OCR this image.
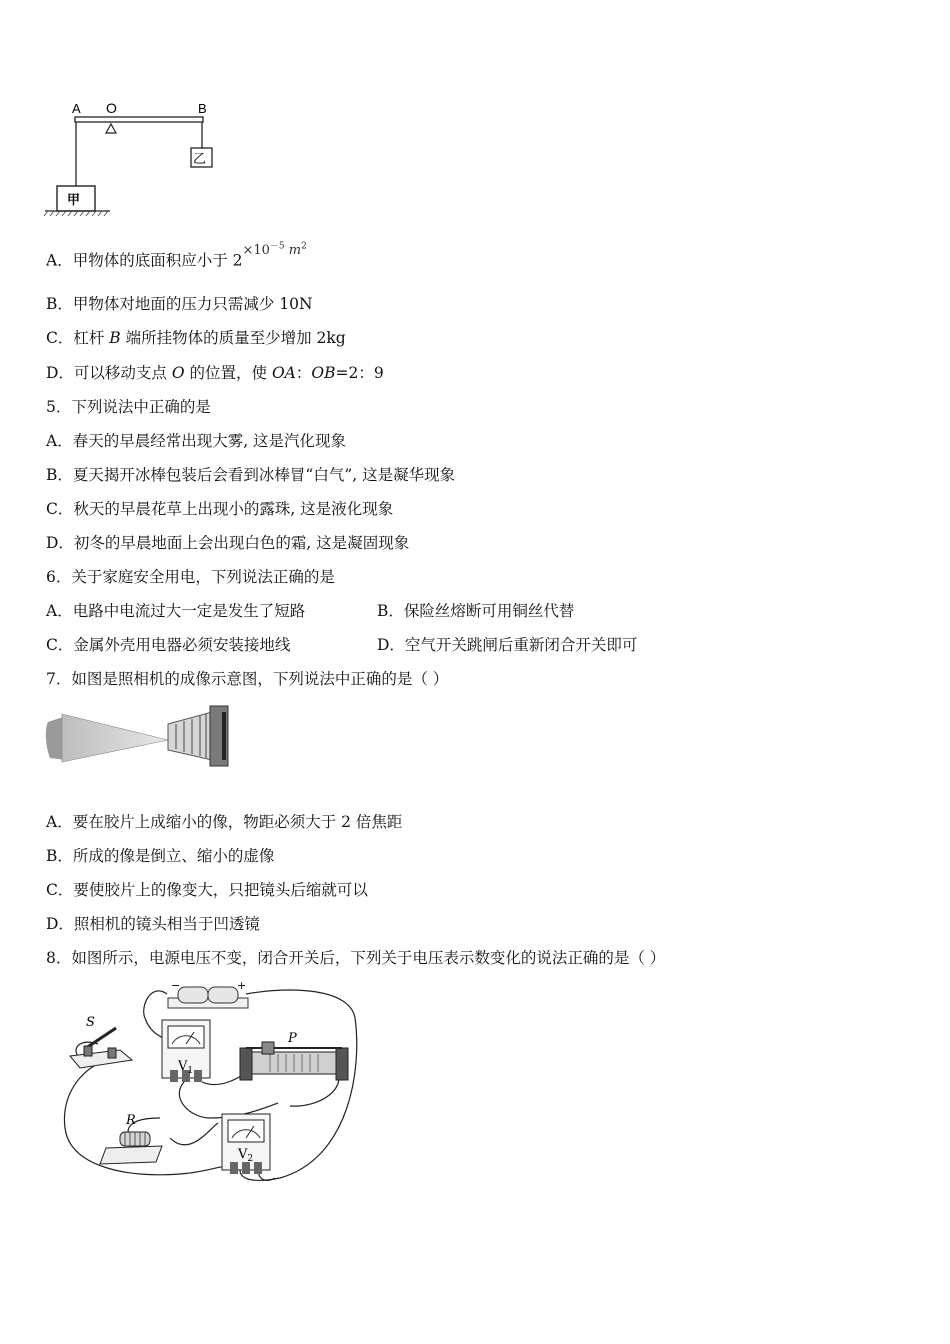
A O	B
乙
甲
A．甲物体的底面积应小于 $2^{\times 10^{-5} m^2}$
B．甲物体对地面的压力只需减少 10N
C．杠杆 B 端所挂物体的质量至少增加 2kg
D．可以移动支点 O 的位置，使 OA：OB=2：9
5．下列说法中正确的是
A．春天的早晨经常出现大雾, 这是汽化现象
B．夏天揭开冰棒包装后会看到冰棒冒“白气”, 这是凝华现象
C．秋天的早晨花草上出现小的露珠, 这是液化现象
D．初冬的早晨地面上会出现白色的霜, 这是凝固现象
6．关于家庭安全用电，下列说法正确的是
A．电路中电流过大一定是发生了短路	B．保险丝熔断可用铜丝代替
C．金属外壳用电器必须安装接地线	D．空气开关跳闸后重新闭合开关即可
7．如图是照相机的成像示意图，下列说法中正确的是（ ）
A．要在胶片上成缩小的像，物距必须大于 2 倍焦距
B．所成的像是倒立、缩小的虚像
C．要使胶片上的像变大，只把镜头后缩就可以
D．照相机的镜头相当于凹透镜
8．如图所示，电源电压不变，闭合开关后，下列关于电压表示数变化的说法正确的是（ ）
−	+
S
$V_1$
P
R
$V_2$
